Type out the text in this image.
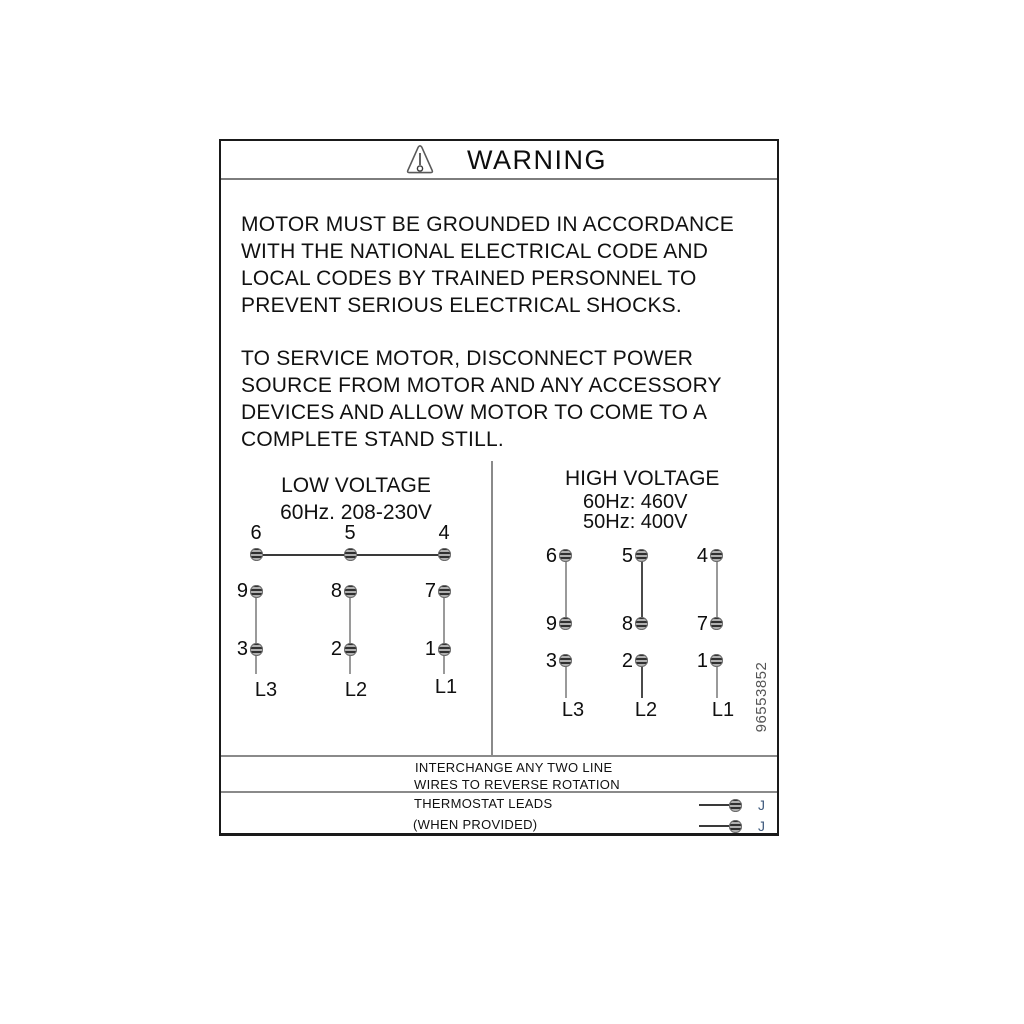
WARNING

MOTOR MUST BE GROUNDED IN ACCORDANCE
WITH THE NATIONAL ELECTRICAL CODE AND
LOCAL CODES BY TRAINED PERSONNEL TO
PREVENT SERIOUS ELECTRICAL SHOCKS.

TO SERVICE MOTOR, DISCONNECT POWER
SOURCE FROM MOTOR AND ANY ACCESSORY
DEVICES AND ALLOW MOTOR TO COME TO A
COMPLETE STAND STILL.

LOW VOLTAGE
60Hz. 208-230V
6	5	4
9	8	7
3	2	1
L3	L2	L1
HIGH VOLTAGE
60Hz: 460V
50Hz: 400V
6	5	4
9	8	7
3	2	1
L3	L2	L1 96553852
INTERCHANGE ANY TWO LINE
WIRES TO REVERSE ROTATION
THERMOSTAT LEADS
(WHEN PROVIDED)
J
J
